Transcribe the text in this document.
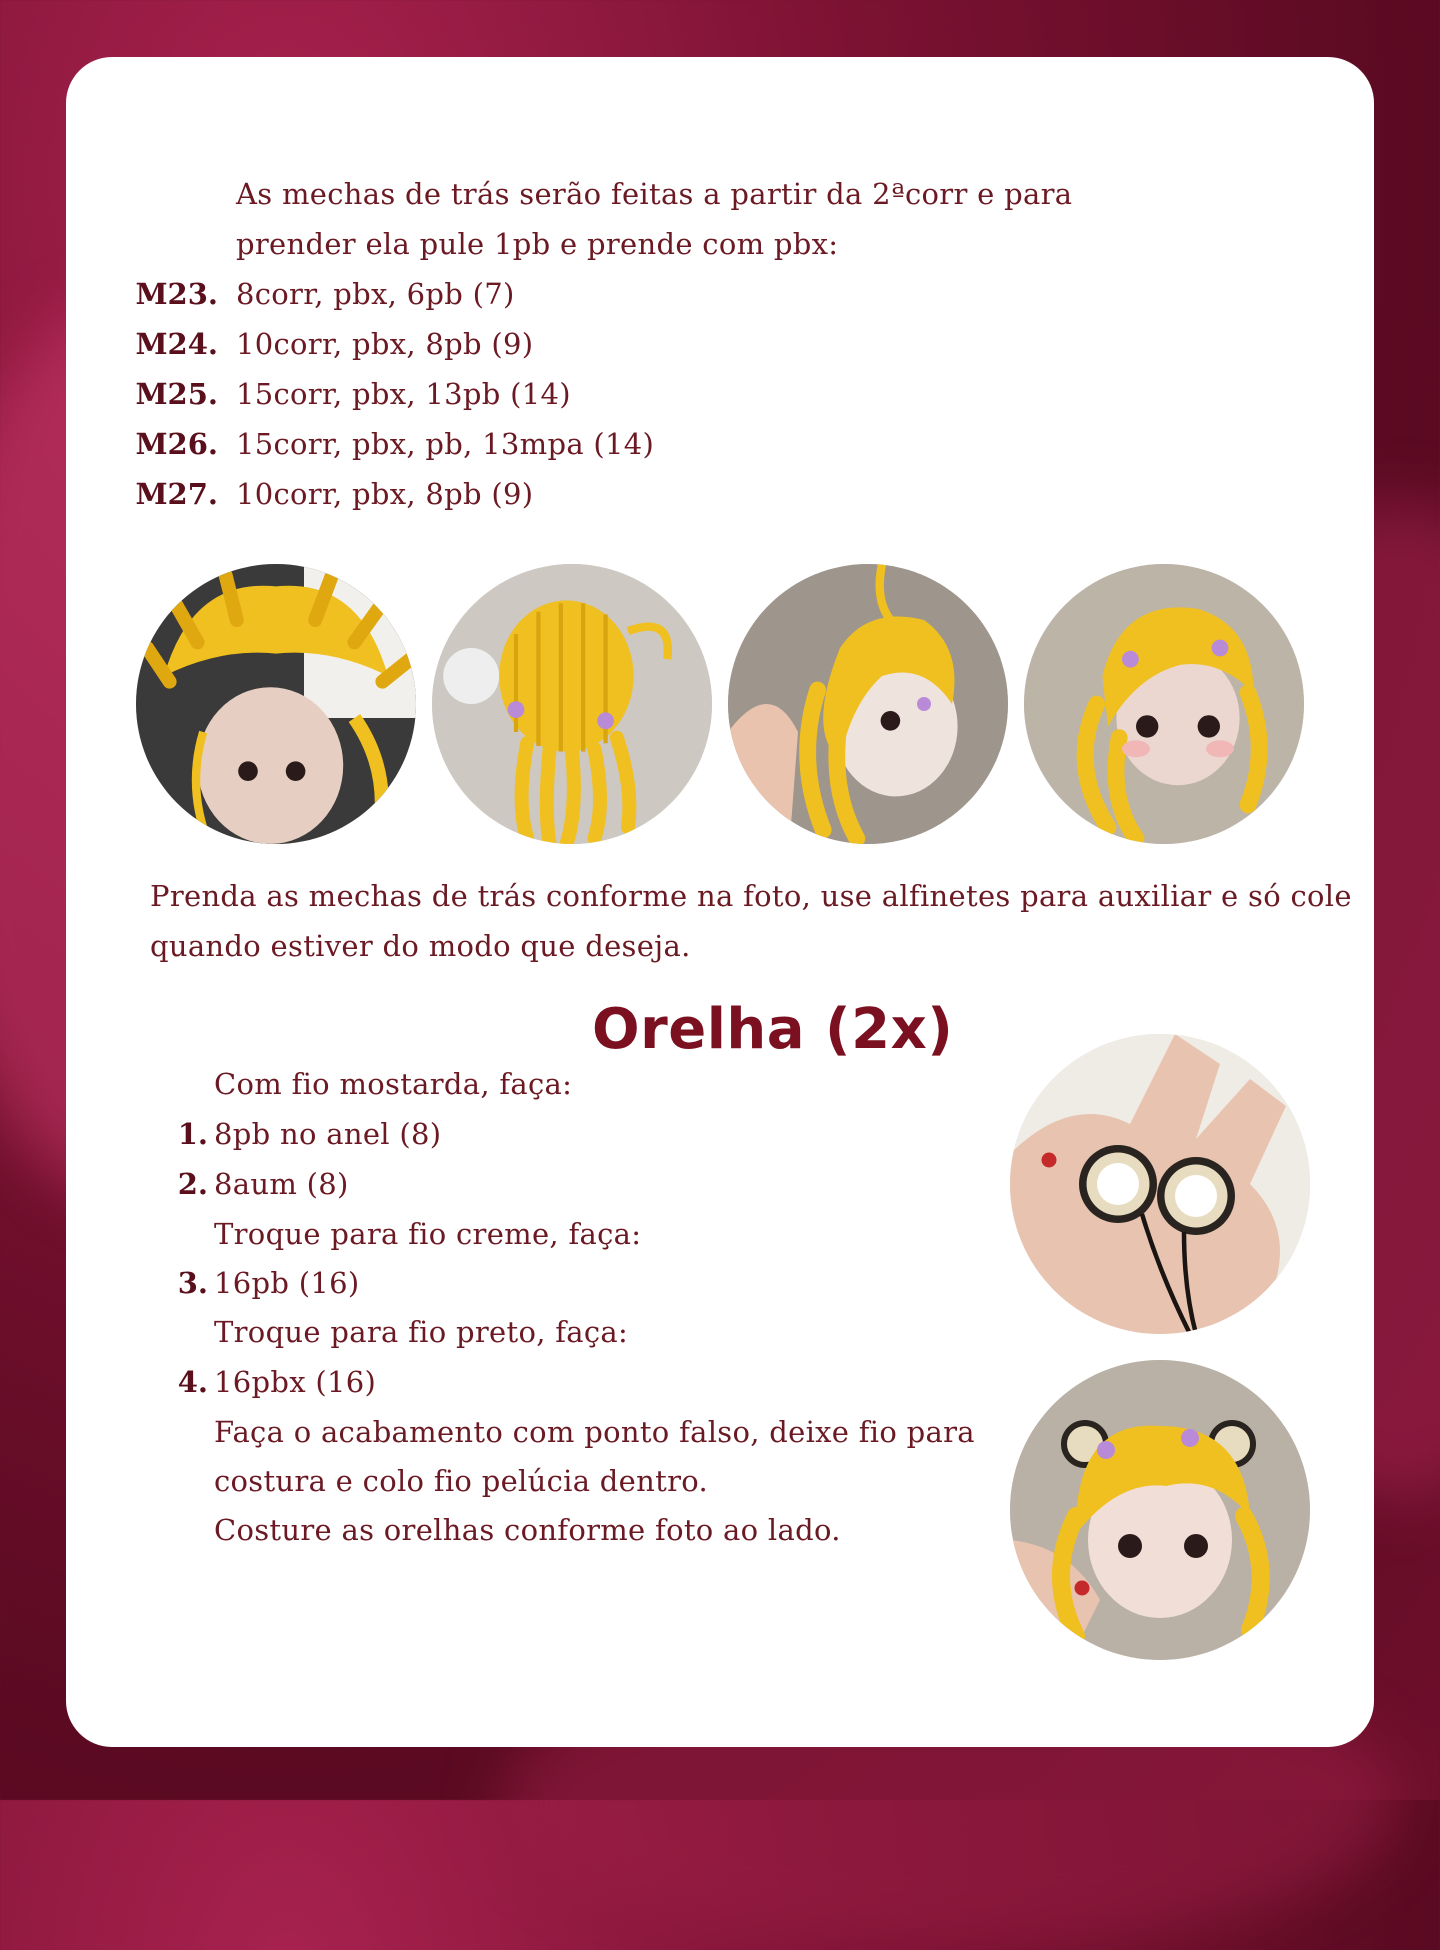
As mechas de trás serão feitas a partir da 2ªcorr e para
prender ela pule 1pb e prende com pbx:
M23. 8corr, pbx, 6pb (7)
M24. 10corr, pbx, 8pb (9)
M25. 15corr, pbx, 13pb (14)
M26. 15corr, pbx, pb, 13mpa (14)
M27. 10corr, pbx, 8pb (9)
Prenda as mechas de trás conforme na foto, use alfinetes para auxiliar e só cole
quando estiver do modo que deseja.
Orelha (2x)
Com fio mostarda, faça:
1. 8pb no anel (8)
2. 8aum (8)
Troque para fio creme, faça:
3. 16pb (16)
Troque para fio preto, faça:
4. 16pbx (16)
Faça o acabamento com ponto falso, deixe fio para
costura e colo fio pelúcia dentro.
Costure as orelhas conforme foto ao lado.
